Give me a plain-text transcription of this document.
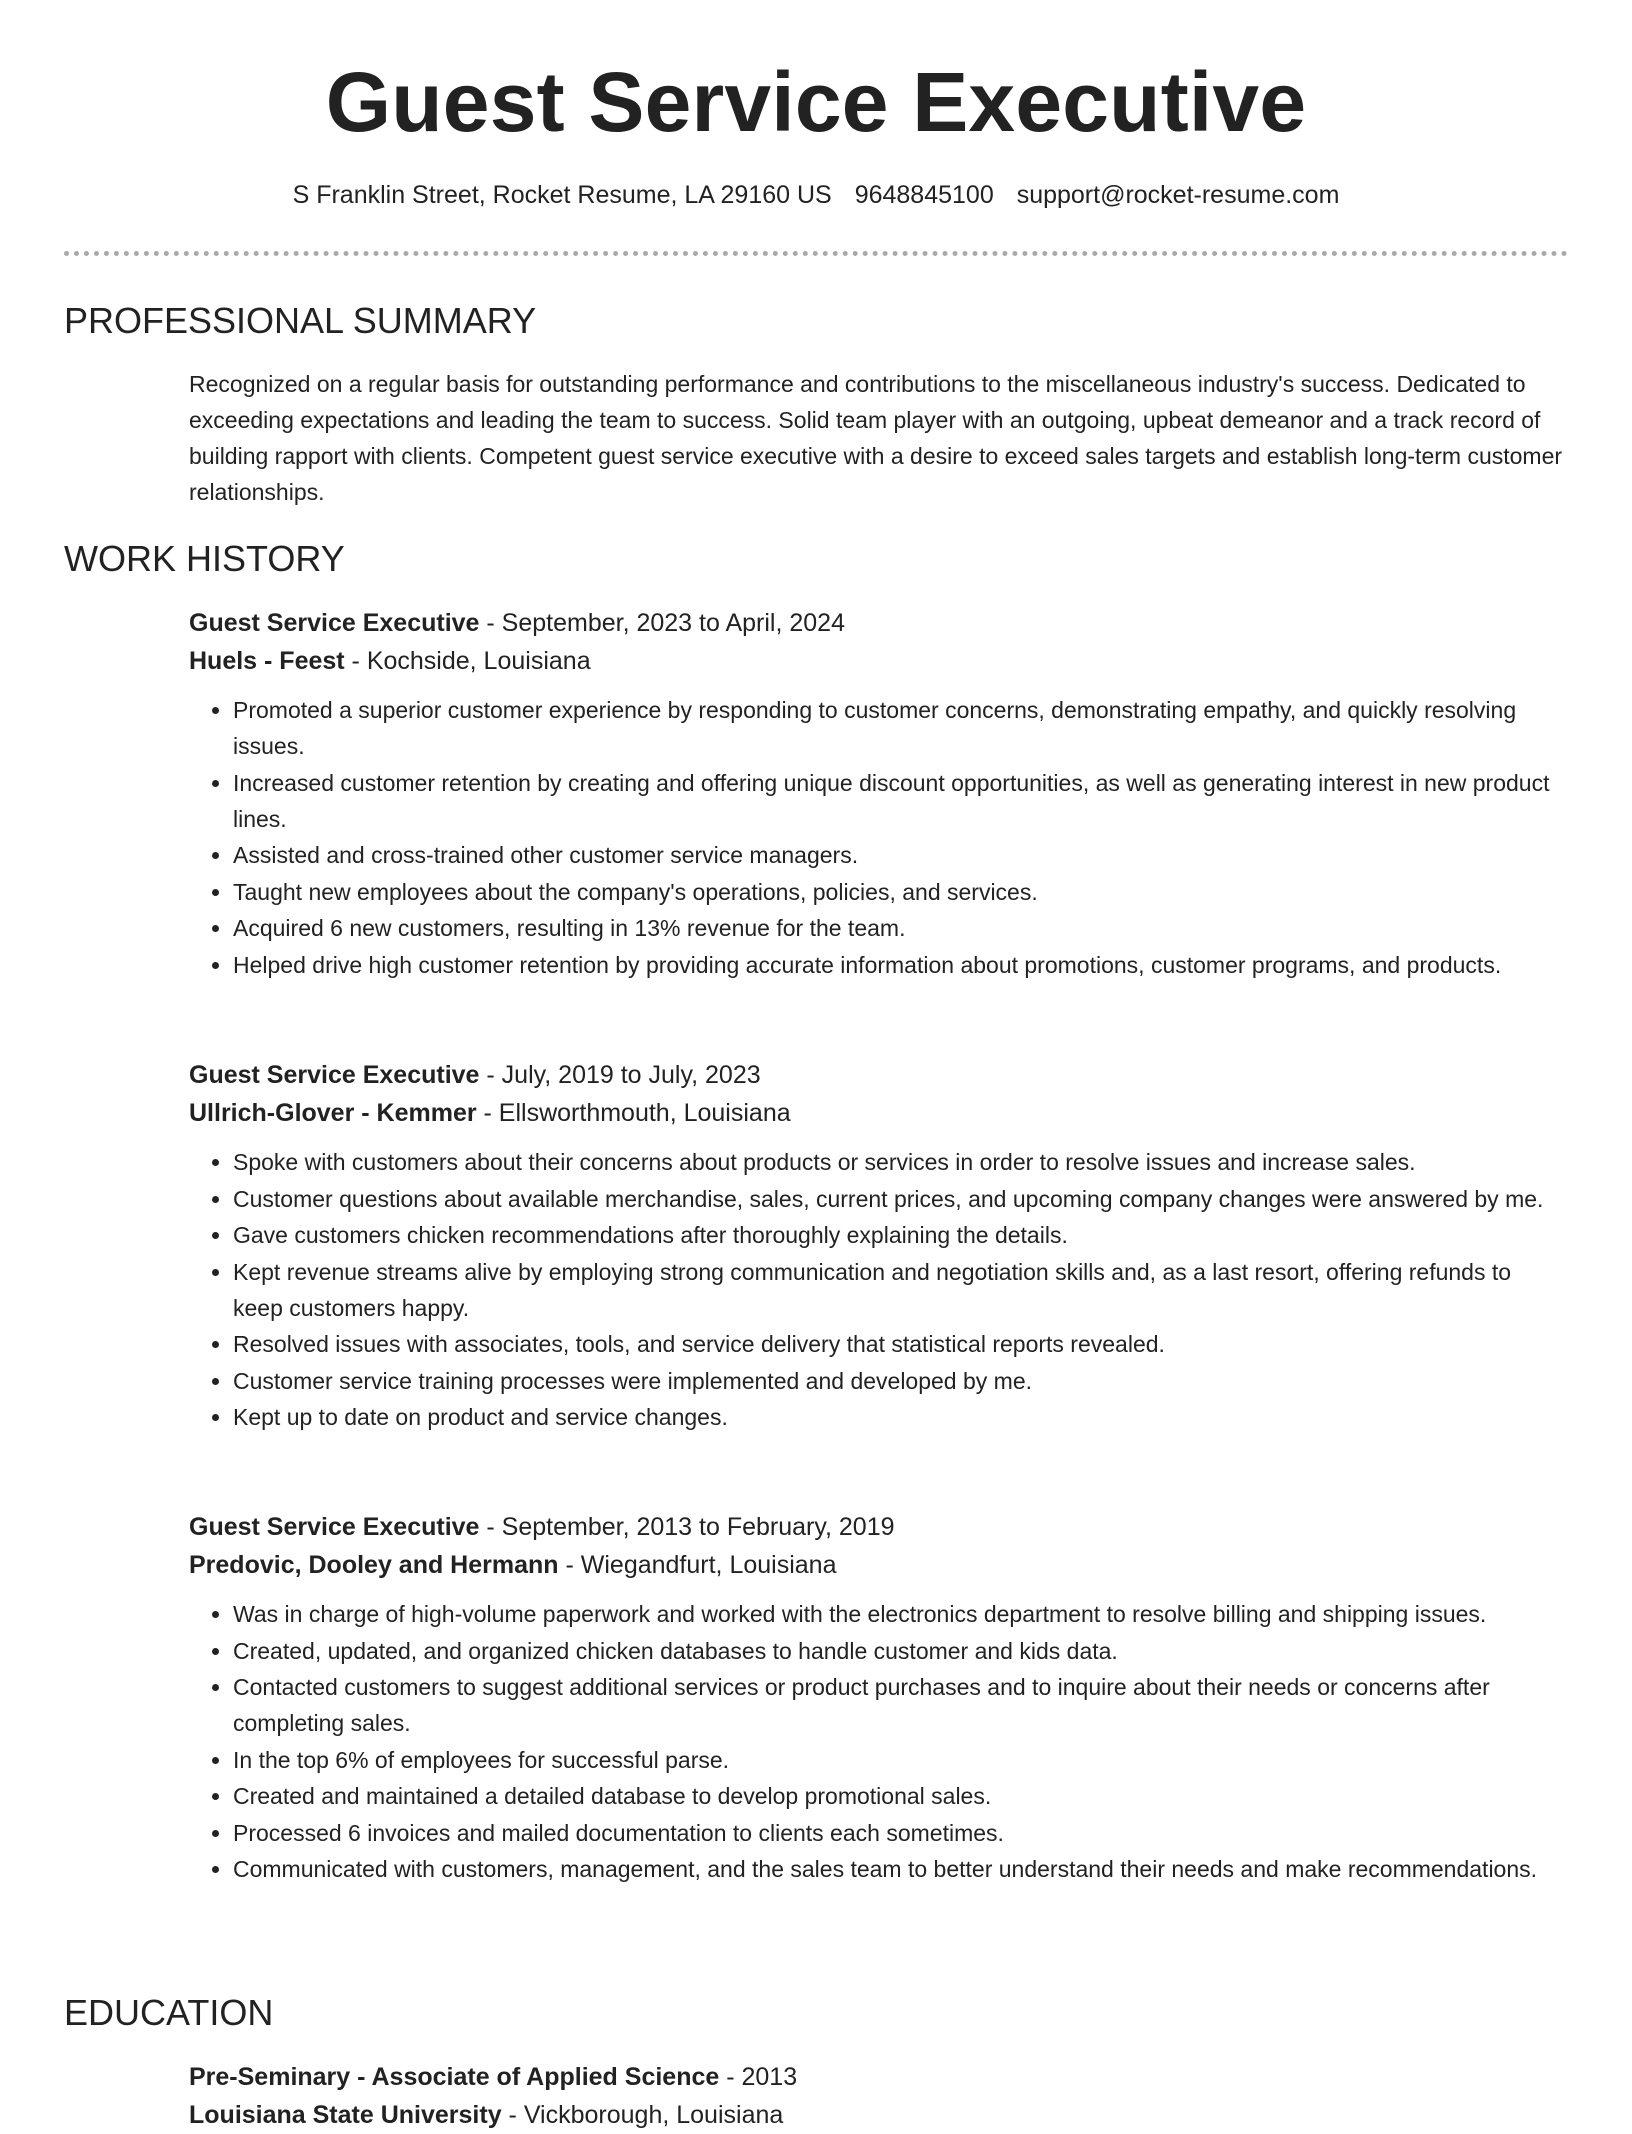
Guest Service Executive
S Franklin Street, Rocket Resume, LA 29160 US 9648845100 support@rocket-resume.com
PROFESSIONAL SUMMARY

Recognized on a regular basis for outstanding performance and contributions to the miscellaneous industry's success. Dedicated to exceeding expectations and leading the team to success. Solid team player with an outgoing, upbeat demeanor and a track record of building rapport with clients. Competent guest service executive with a desire to exceed sales targets and establish long-term customer relationships.

WORK HISTORY

Guest Service Executive - September, 2023 to April, 2024

Huels - Feest - Kochside, Louisiana

• Promoted a superior customer experience by responding to customer concerns, demonstrating empathy, and quickly resolving issues.
• Increased customer retention by creating and offering unique discount opportunities, as well as generating interest in new product lines.
• Assisted and cross-trained other customer service managers.
• Taught new employees about the company's operations, policies, and services.
• Acquired 6 new customers, resulting in 13% revenue for the team.
• Helped drive high customer retention by providing accurate information about promotions, customer programs, and products.

Guest Service Executive - July, 2019 to July, 2023

Ullrich-Glover - Kemmer - Ellsworthmouth, Louisiana

• Spoke with customers about their concerns about products or services in order to resolve issues and increase sales.
• Customer questions about available merchandise, sales, current prices, and upcoming company changes were answered by me.
• Gave customers chicken recommendations after thoroughly explaining the details.
• Kept revenue streams alive by employing strong communication and negotiation skills and, as a last resort, offering refunds to keep customers happy.
• Resolved issues with associates, tools, and service delivery that statistical reports revealed.
• Customer service training processes were implemented and developed by me.
• Kept up to date on product and service changes.

Guest Service Executive - September, 2013 to February, 2019

Predovic, Dooley and Hermann - Wiegandfurt, Louisiana

• Was in charge of high-volume paperwork and worked with the electronics department to resolve billing and shipping issues.
• Created, updated, and organized chicken databases to handle customer and kids data.
• Contacted customers to suggest additional services or product purchases and to inquire about their needs or concerns after completing sales.
• In the top 6% of employees for successful parse.
• Created and maintained a detailed database to develop promotional sales.
• Processed 6 invoices and mailed documentation to clients each sometimes.
• Communicated with customers, management, and the sales team to better understand their needs and make recommendations.
EDUCATION

Pre-Seminary - Associate of Applied Science - 2013

Louisiana State University - Vickborough, Louisiana
